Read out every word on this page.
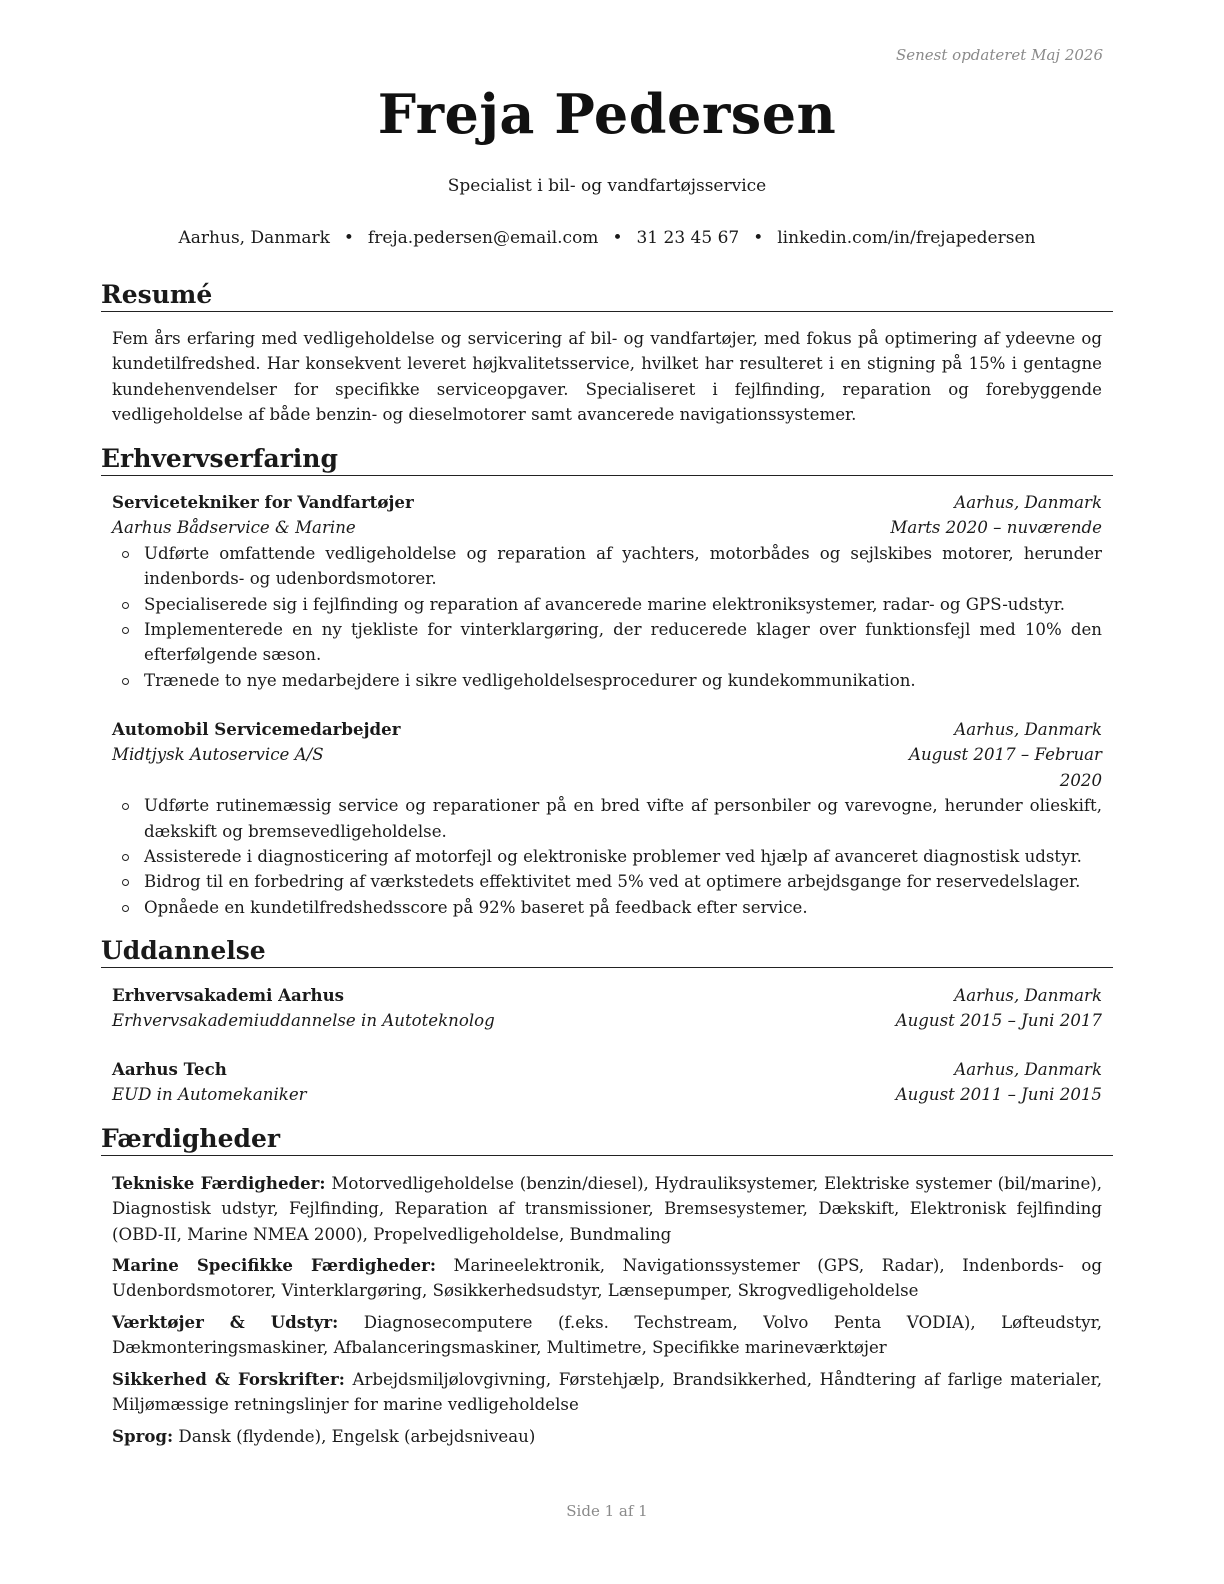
Senest opdateret Maj 2026
Freja Pedersen
Specialist i bil- og vandfartøjsservice
Aarhus, Danmark • freja.pedersen@email.com • 31 23 45 67 • linkedin.com/in/frejapedersen
Resumé
Fem års erfaring med vedligeholdelse og servicering af bil- og vandfartøjer, med fokus på optimering af ydeevne og kundetilfredshed. Har konsekvent leveret højkvalitetsservice, hvilket har resulteret i en stigning på 15% i gentagne kundehenvendelser for specifikke serviceopgaver. Specialiseret i fejlfinding, reparation og forebyggende vedligeholdelse af både benzin- og dieselmotorer samt avancerede navigationssystemer.
Erhvervserfaring
Servicetekniker for Vandfartøjer	Aarhus, Danmark
Aarhus Bådservice & Marine	Marts 2020 – nuværende
Udførte omfattende vedligeholdelse og reparation af yachters, motorbådes og sejlskibes motorer, herunder indenbords- og udenbordsmotorer.
Specialiserede sig i fejlfinding og reparation af avancerede marine elektroniksystemer, radar- og GPS-udstyr.
Implementerede en ny tjekliste for vinterklargøring, der reducerede klager over funktionsfejl med 10% den efterfølgende sæson.
Trænede to nye medarbejdere i sikre vedligeholdelsesprocedurer og kundekommunikation.
Automobil Servicemedarbejder	Aarhus, Danmark
Midtjysk Autoservice A/S	August 2017 – Februar 2020
Udførte rutinemæssig service og reparationer på en bred vifte af personbiler og varevogne, herunder olieskift, dækskift og bremsevedligeholdelse.
Assisterede i diagnosticering af motorfejl og elektroniske problemer ved hjælp af avanceret diagnostisk udstyr.
Bidrog til en forbedring af værkstedets effektivitet med 5% ved at optimere arbejdsgange for reservedelslager.
Opnåede en kundetilfredshedsscore på 92% baseret på feedback efter service.
Uddannelse
Erhvervsakademi Aarhus	Aarhus, Danmark
Erhvervsakademiuddannelse in Autoteknolog	August 2015 – Juni 2017
Aarhus Tech	Aarhus, Danmark
EUD in Automekaniker	August 2011 – Juni 2015
Færdigheder
Tekniske Færdigheder: Motorvedligeholdelse (benzin/diesel), Hydrauliksystemer, Elektriske systemer (bil/marine), Diagnostisk udstyr, Fejlfinding, Reparation af transmissioner, Bremsesystemer, Dækskift, Elektronisk fejlfinding (OBD-II, Marine NMEA 2000), Propelvedligeholdelse, Bundmaling
Marine Specifikke Færdigheder: Marineelektronik, Navigationssystemer (GPS, Radar), Indenbords- og Udenbordsmotorer, Vinterklargøring, Søsikkerhedsudstyr, Lænsepumper, Skrogvedligeholdelse
Værktøjer & Udstyr: Diagnosecomputere (f.eks. Techstream, Volvo Penta VODIA), Løfteudstyr, Dækmonteringsmaskiner, Afbalanceringsmaskiner, Multimetre, Specifikke marineværktøjer
Sikkerhed & Forskrifter: Arbejdsmiljølovgivning, Førstehjælp, Brandsikkerhed, Håndtering af farlige materialer, Miljømæssige retningslinjer for marine vedligeholdelse
Sprog: Dansk (flydende), Engelsk (arbejdsniveau)
Side 1 af 1
